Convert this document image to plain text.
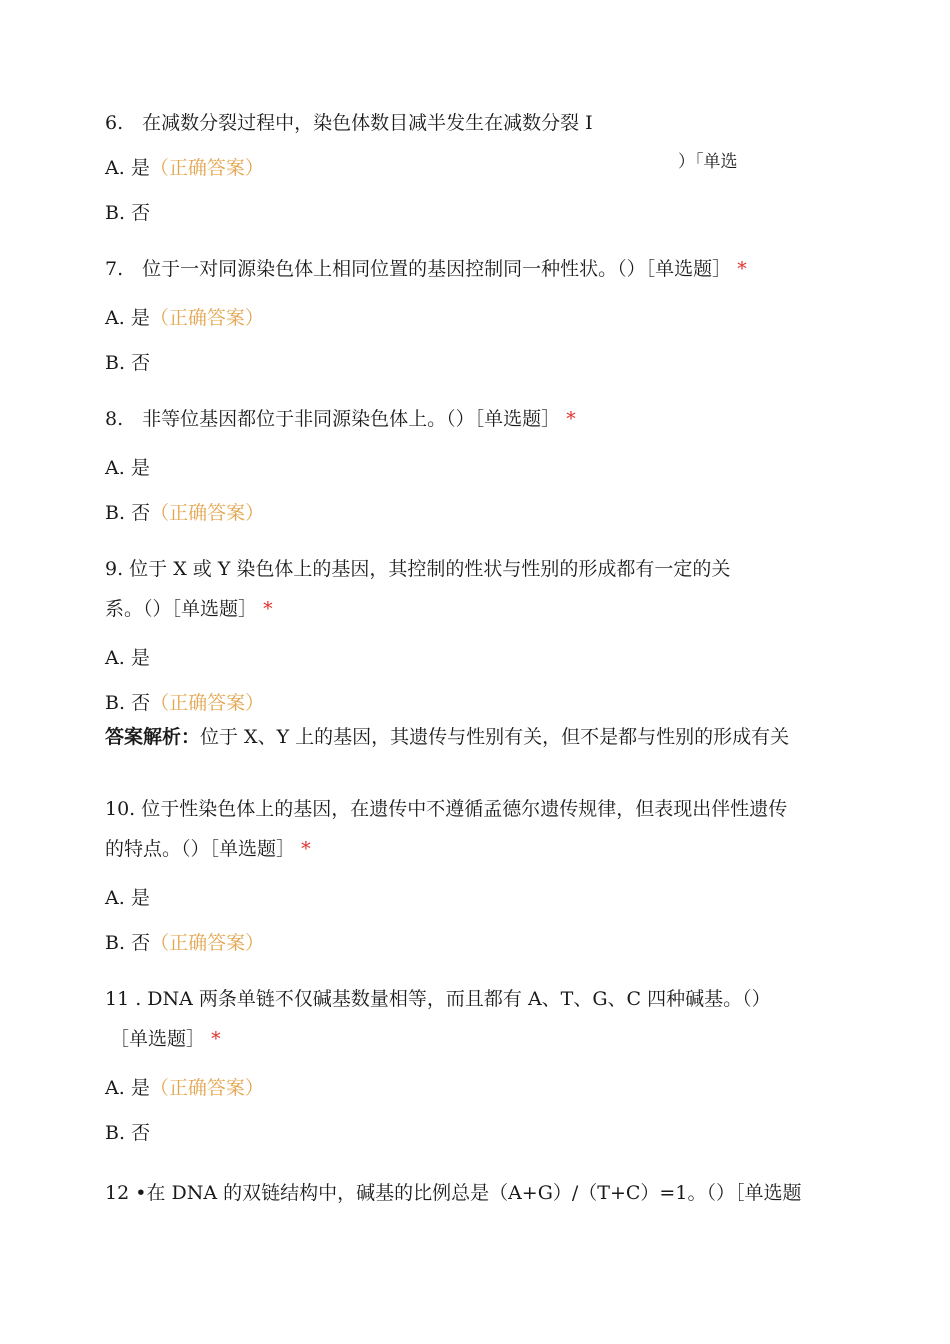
6.　在减数分裂过程中，染色体数目减半发生在减数分裂 I
）「单选
A. 是（正确答案）
B. 否
7.　位于一对同源染色体上相同位置的基因控制同一种性状。（）［单选题］ *
A. 是（正确答案）
B. 否
8.　非等位基因都位于非同源染色体上。（）［单选题］ *
A. 是
B. 否（正确答案）
9. 位于 X 或 Y 染色体上的基因，其控制的性状与性别的形成都有一定的关
系。（）［单选题］ *
A. 是
B. 否（正确答案）
答案解析：位于 X、Y 上的基因，其遗传与性别有关，但不是都与性别的形成有关
10. 位于性染色体上的基因，在遗传中不遵循孟德尔遗传规律，但表现出伴性遗传
的特点。（）［单选题］ *
A. 是
B. 否（正确答案）
11 . DNA 两条单链不仅碱基数量相等，而且都有 A、T、G、C 四种碱基。（）
［单选题］ *
A. 是（正确答案）
B. 否
12 •在 DNA 的双链结构中，碱基的比例总是（A+G）/（T+C）=1。（）［单选题
